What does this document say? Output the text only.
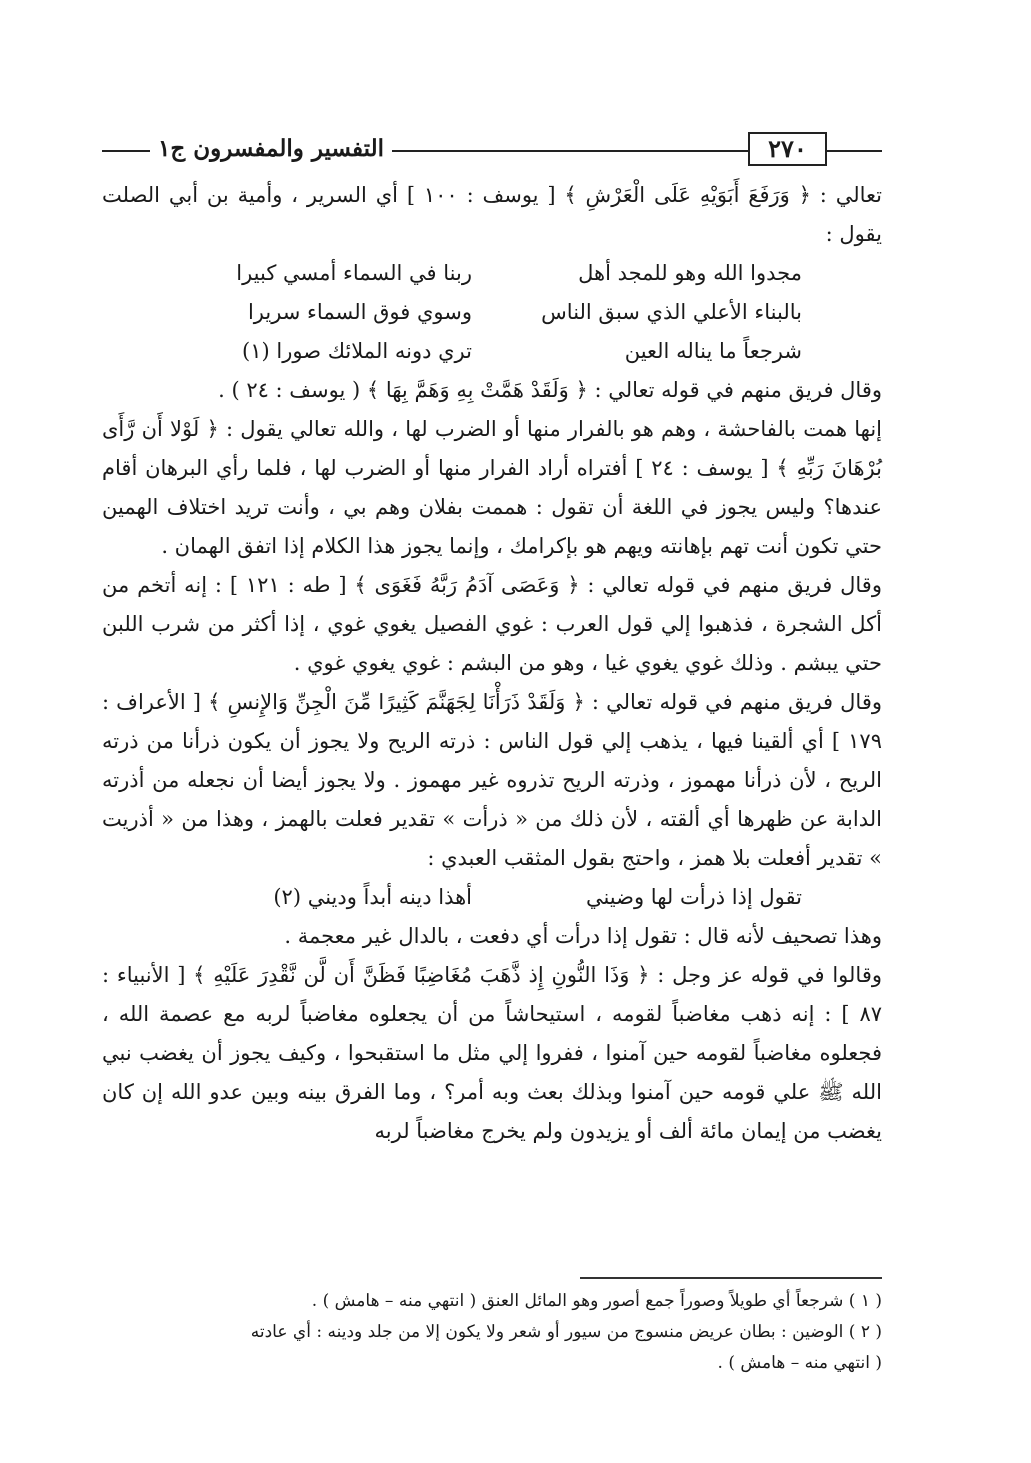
التفسير والمفسرون ج١	٢٧٠

تعالي : ﴿ وَرَفَعَ أَبَوَيْهِ عَلَى الْعَرْشِ ﴾ [ يوسف : ١٠٠ ] أي السرير ، وأمية بن أبي الصلت يقول :

مجدوا الله وهو للمجد أهل
ربنا في السماء أمسي كبيرا
بالبناء الأعلي الذي سبق الناس
وسوي فوق السماء سريرا
شرجعاً ما يناله العين
تري دونه الملائك صورا (١)

وقال فريق منهم في قوله تعالي : ﴿ وَلَقَدْ هَمَّتْ بِهِ وَهَمَّ بِهَا ﴾ ( يوسف : ٢٤ ) .

إنها همت بالفاحشة ، وهم هو بالفرار منها أو الضرب لها ، والله تعالي يقول : ﴿ لَوْلا أَن رَّأَى بُرْهَانَ رَبِّهِ ﴾ [ يوسف : ٢٤ ] أفتراه أراد الفرار منها أو الضرب لها ، فلما رأي البرهان أقام عندها؟ وليس يجوز في اللغة أن تقول : هممت بفلان وهم بي ، وأنت تريد اختلاف الهمين حتي تكون أنت تهم بإهانته ويهم هو بإكرامك ، وإنما يجوز هذا الكلام إذا اتفق الهمان .

وقال فريق منهم في قوله تعالي : ﴿ وَعَصَى آدَمُ رَبَّهُ فَغَوَى ﴾ [ طه : ١٢١ ] : إنه أتخم من أكل الشجرة ، فذهبوا إلي قول العرب : غوي الفصيل يغوي غوي ، إذا أكثر من شرب اللبن حتي يبشم . وذلك غوي يغوي غيا ، وهو من البشم : غوي يغوي غوي .

وقال فريق منهم في قوله تعالي : ﴿ وَلَقَدْ ذَرَأْنَا لِجَهَنَّمَ كَثِيرًا مِّنَ الْجِنِّ وَالإِنسِ ﴾ [ الأعراف : ١٧٩ ] أي ألقينا فيها ، يذهب إلي قول الناس : ذرته الريح ولا يجوز أن يكون ذرأنا من ذرته الريح ، لأن ذرأنا مهموز ، وذرته الريح تذروه غير مهموز . ولا يجوز أيضا أن نجعله من أذرته الدابة عن ظهرها أي ألقته ، لأن ذلك من « ذرأت » تقدير فعلت بالهمز ، وهذا من « أذريت » تقدير أفعلت بلا همز ، واحتج بقول المثقب العبدي :

تقول إذا ذرأت لها وضيني
أهذا دينه أبداً وديني (٢)

وهذا تصحيف لأنه قال : تقول إذا درأت أي دفعت ، بالدال غير معجمة .

وقالوا في قوله عز وجل : ﴿ وَذَا النُّونِ إِذ ذَّهَبَ مُغَاضِبًا فَظَنَّ أَن لَّن نَّقْدِرَ عَلَيْهِ ﴾ [ الأنبياء : ٨٧ ] : إنه ذهب مغاضباً لقومه ، استيحاشاً من أن يجعلوه مغاضباً لربه مع عصمة الله ، فجعلوه مغاضباً لقومه حين آمنوا ، ففروا إلي مثل ما استقبحوا ، وكيف يجوز أن يغضب نبي الله ﷺ علي قومه حين آمنوا وبذلك بعث وبه أمر؟ ، وما الفرق بينه وبين عدو الله إن كان يغضب من إيمان مائة ألف أو يزيدون ولم يخرج مغاضباً لربه

( ١ ) شرجعاً أي طويلاً وصوراً جمع أصور وهو المائل العنق ( انتهي منه – هامش ) .

( ٢ ) الوضين : بطان عريض منسوج من سيور أو شعر ولا يكون إلا من جلد ودينه : أي عادته

( انتهي منه – هامش ) .
